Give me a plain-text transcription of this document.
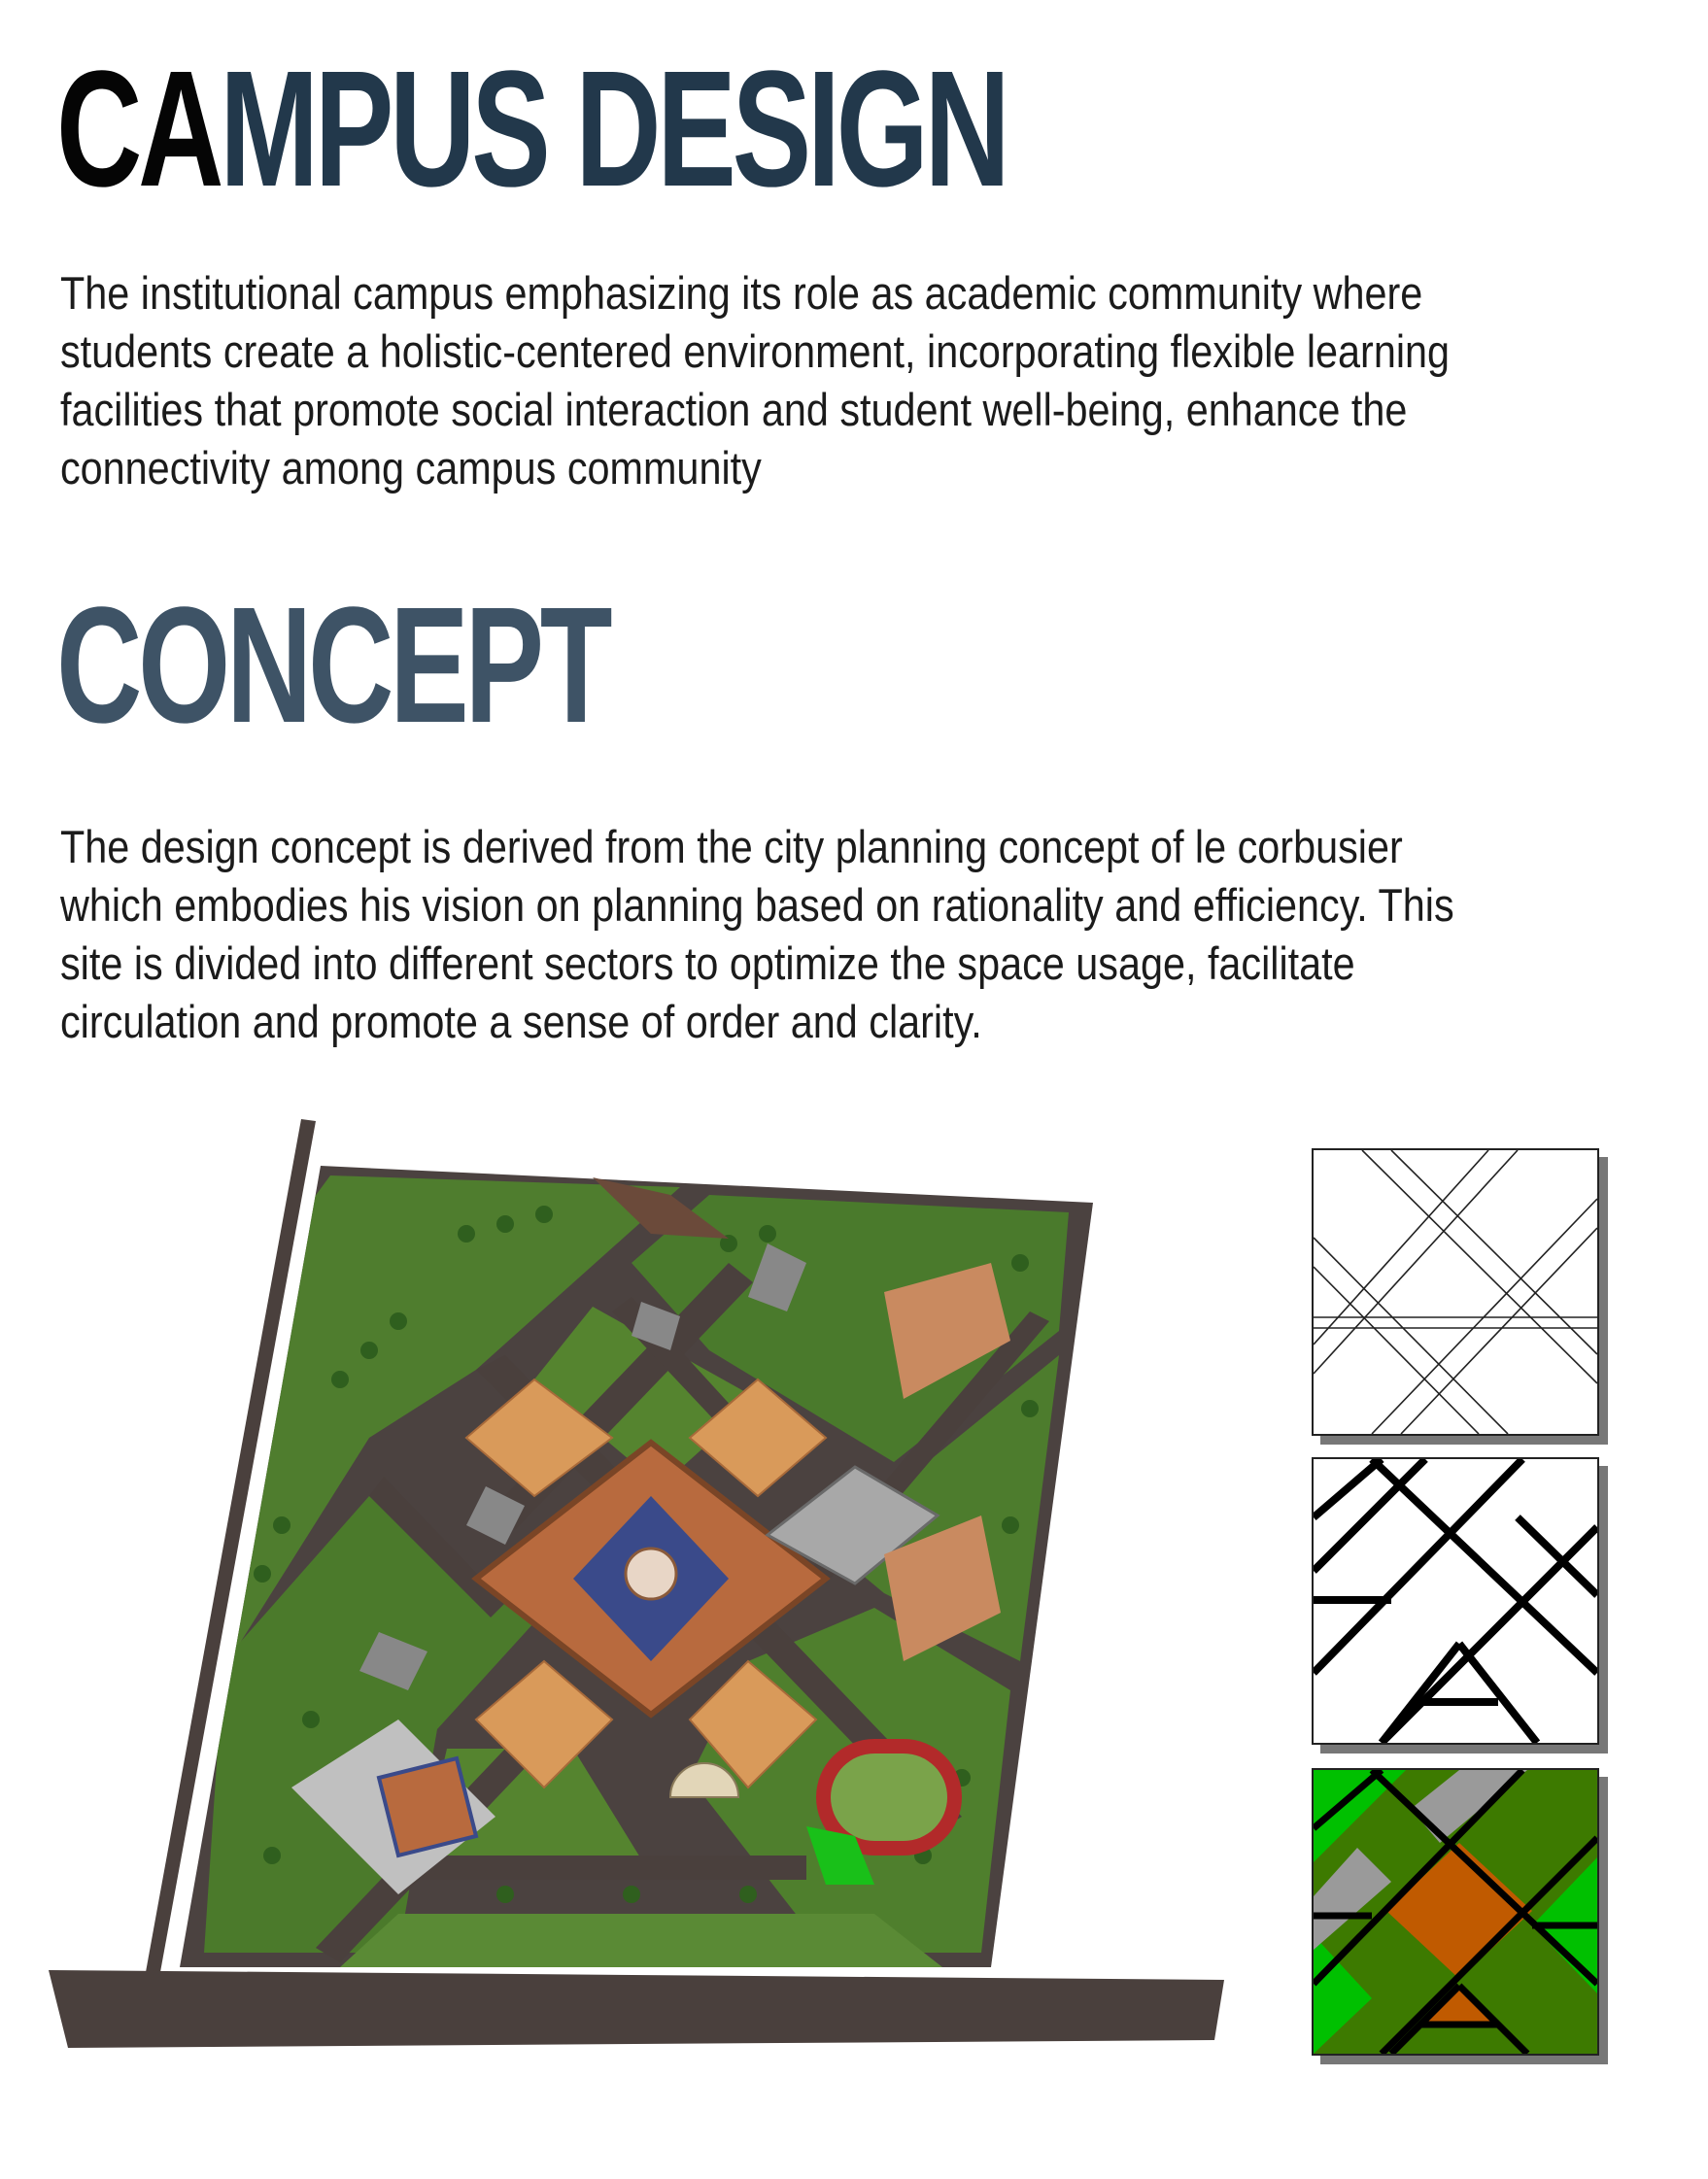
CAMPUS DESIGN

The institutional campus emphasizing its role as academic community where students create a holistic-centered environment, incorporating flexible learning facilities that promote social interaction and student well-being, enhance the connectivity among campus community

CONCEPT

The design concept is derived from the city planning concept of le corbusier which embodies his vision on planning based on rationality and efficiency. This site is divided into different sectors to optimize the space usage, facilitate circulation and promote a sense of order and clarity.
